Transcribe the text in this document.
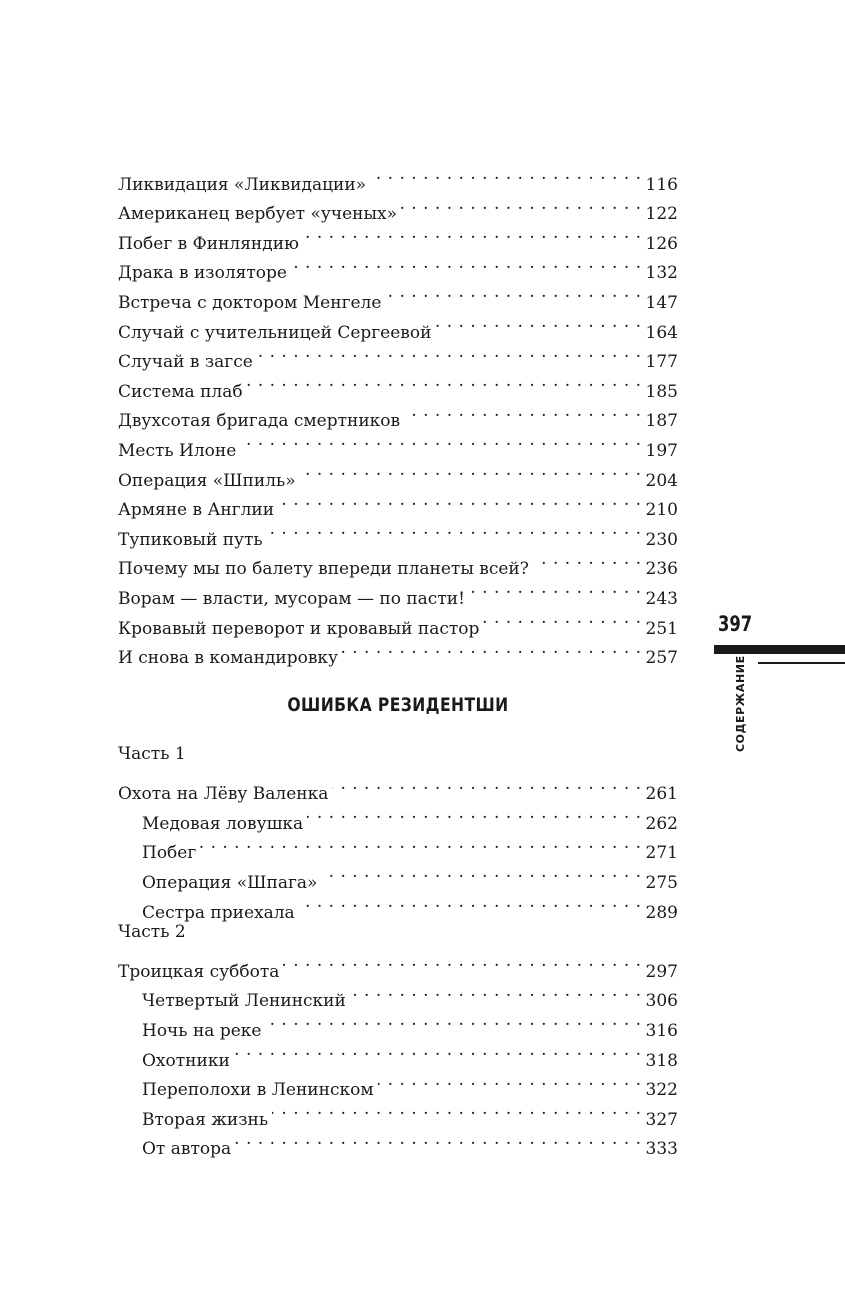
Ликвидация «Ликвидации» . . .	116
Американец вербует «ученых» . . .	122
Побег в Финляндию . . .	126
Драка в изоляторе . . .	132
Встреча с доктором Менгеле . . .	147
Случай с учительницей Сергеевой . . .	164
Случай в загсе . . .	177
Система плаб . . .	185
Двухсотая бригада смертников . . .	187
Месть Илоне . . .	197
Операция «Шпиль» . . .	204
Армяне в Англии . . .	210
Тупиковый путь . . .	230
Почему мы по балету впереди планеты всей? . . .	236
Ворам — власти, мусорам — по пасти! . . .	243
Кровавый переворот и кровавый пастор . . .	251
И снова в командировку . . .	257
ОШИБКА РЕЗИДЕНТШИ
Часть 1
Охота на Лёву Валенка . . .	261
Медовая ловушка . . .	262
Побег . . .	271
Операция «Шпага» . . .	275
Сестра приехала . . .	289
Часть 2
Троицкая суббота . . .	297
Четвертый Ленинский . . .	306
Ночь на реке . . .	316
Охотники . . .	318
Переполохи в Ленинском . . .	322
Вторая жизнь . . .	327
От автора . . .	333
397
СОДЕРЖАНИЕ
